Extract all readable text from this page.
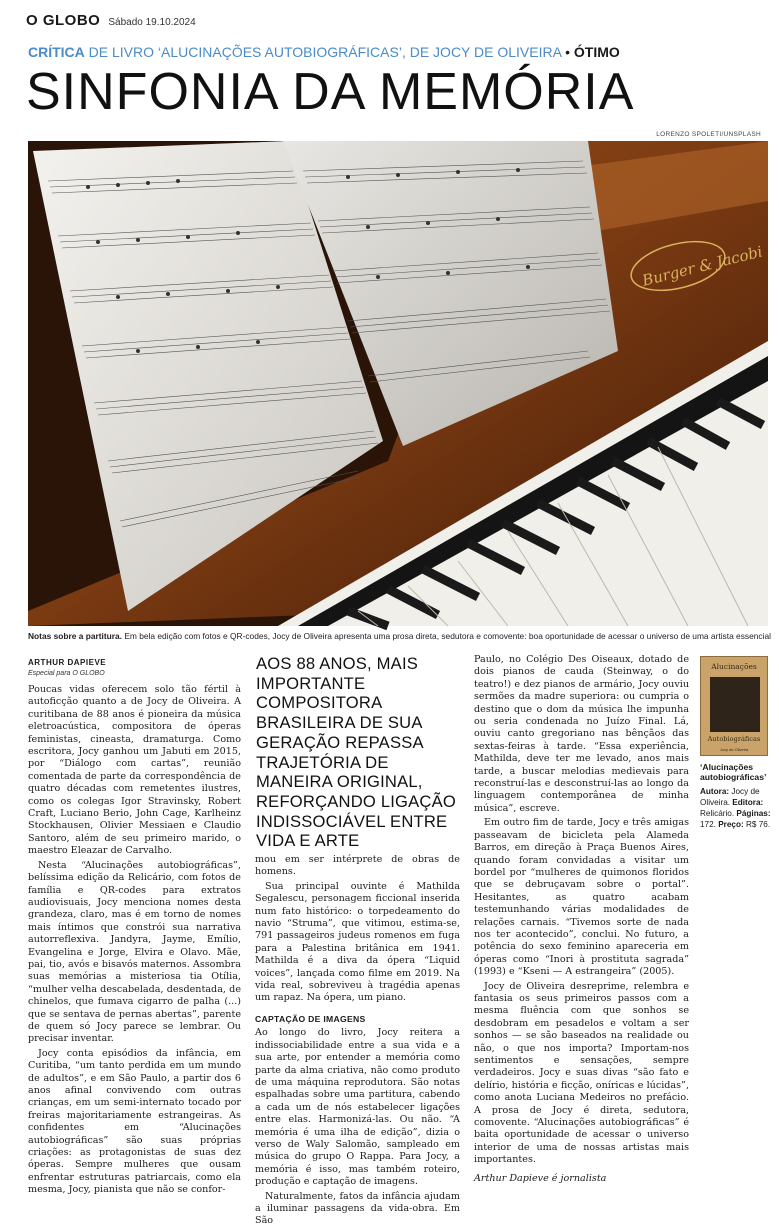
O GLOBO Sábado 19.10.2024
CRÍTICA DE LIVRO ‘ALUCINAÇÕES AUTOBIOGRÁFICAS’, DE JOCY DE OLIVEIRA • ÓTIMO
SINFONIA DA MEMÓRIA
LORENZO SPOLETI/UNSPLASH
Burger & Jacobi
Notas sobre a partitura. Em bela edição com fotos e QR-codes, Jocy de Oliveira apresenta uma prosa direta, sedutora e comovente: boa oportunidade de acessar o universo de uma artista essencial
ARTHUR DAPIEVE
Especial para O GLOBO

Poucas vidas oferecem solo tão fértil à autoficção quanto a de Jocy de Oliveira. A curitibana de 88 anos é pioneira da música eletroacústica, compositora de óperas feministas, cineasta, dramaturga. Como escritora, Jocy ganhou um Jabuti em 2015, por “Diálogo com cartas”, reunião comentada de parte da correspondência de quatro décadas com remetentes ilustres, como os colegas Igor Stravinsky, Robert Craft, Luciano Berio, John Cage, Karlheinz Stockhausen, Olivier Messiaen e Claudio Santoro, além de seu primeiro marido, o maestro Eleazar de Carvalho.

Nesta “Alucinações autobiográficas”, belíssima edição da Relicário, com fotos de família e QR-codes para extratos audiovisuais, Jocy menciona nomes desta grandeza, claro, mas é em torno de nomes mais íntimos que constrói sua narrativa autorreflexiva. Jandyra, Jayme, Emílio, Evangelina e Jorge, Elvira e Olavo. Mãe, pai, tio, avós e bisavós maternos. Assombra suas memórias a misteriosa tia Otília, “mulher velha descabelada, desdentada, de chinelos, que fumava cigarro de palha (...) que se sentava de pernas abertas”, parente de quem só Jocy parece se lembrar. Ou precisar inventar.

Jocy conta episódios da infância, em Curitiba, “um tanto perdida em um mundo de adultos”, e em São Paulo, a partir dos 6 anos afinal convivendo com outras crianças, em um semi-internato tocado por freiras majoritariamente estrangeiras. As confidentes em “Alucinações autobiográficas” são suas próprias criações: as protagonistas de suas dez óperas. Sempre mulheres que ousam enfrentar estruturas patriarcais, como ela mesma, Jocy, pianista que não se confor-

AOS 88 ANOS, MAIS IMPORTANTE COMPOSITORA BRASILEIRA DE SUA GERAÇÃO REPASSA TRAJETÓRIA DE MANEIRA ORIGINAL, REFORÇANDO LIGAÇÃO INDISSOCIÁVEL ENTRE VIDA E ARTE

mou em ser intérprete de obras de homens.

Sua principal ouvinte é Mathilda Segalescu, personagem ficcional inserida num fato histórico: o torpedeamento do navio “Struma”, que vitimou, estima-se, 791 passageiros judeus romenos em fuga para a Palestina britânica em 1941. Mathilda é a diva da ópera “Liquid voices”, lançada como filme em 2019. Na vida real, sobreviveu à tragédia apenas um rapaz. Na ópera, um piano.

CAPTAÇÃO DE IMAGENS

Ao longo do livro, Jocy reitera a indissociabilidade entre a sua vida e a sua arte, por entender a memória como parte da alma criativa, não como produto de uma máquina reprodutora. São notas espalhadas sobre uma partitura, cabendo a cada um de nós estabelecer ligações entre elas. Harmonizá-las. Ou não. “A memória é uma ilha de edição”, dizia o verso de Waly Salomão, sampleado em música do grupo O Rappa. Para Jocy, a memória é isso, mas também roteiro, produção e captação de imagens.

Naturalmente, fatos da infância ajudam a iluminar passagens da vida-obra. Em São

Paulo, no Colégio Des Oiseaux, dotado de dois pianos de cauda (Steinway, o do teatro!) e dez pianos de armário, Jocy ouviu sermões da madre superiora: ou cumpria o destino que o dom da música lhe impunha ou seria condenada no Juízo Final. Lá, ouviu canto gregoriano nas bênçãos das sextas-feiras à tarde. “Essa experiência, Mathilda, deve ter me levado, anos mais tarde, a buscar melodias medievais para reconstruí-las e desconstruí-las ao longo da linguagem contemporânea de minha música”, escreve.

Em outro fim de tarde, Jocy e três amigas passeavam de bicicleta pela Alameda Barros, em direção à Praça Buenos Aires, quando foram convidadas a visitar um bordel por “mulheres de quimonos floridos que se debruçavam sobre o portal”. Hesitantes, as quatro acabam testemunhando várias modalidades de relações carnais. “Tivemos sorte de nada nos ter acontecido”, conclui. No futuro, a potência do sexo feminino apareceria em óperas como “Inori à prostituta sagrada” (1993) e “Kseni — A estrangeira” (2005).

Jocy de Oliveira desreprime, relembra e fantasia os seus primeiros passos com a mesma fluência com que sonhos se desdobram em pesadelos e voltam a ser sonhos — se são baseados na realidade ou não, o que nos importa? Importam-nos sentimentos e sensações, sempre verdadeiros. Jocy e suas divas “são fato e delírio, história e ficção, oníricas e lúcidas”, como anota Luciana Medeiros no prefácio. A prosa de Jocy é direta, sedutora, comovente. “Alucinações autobiográficas” é baita oportunidade de acessar o universo interior de uma de nossas artistas mais importantes.

Arthur Dapieve é jornalista

Alucinações
Autobiográficas
Jocy de Oliveira
‘Alucinações autobiográficas’
Autora: Jocy de Oliveira. Editora: Relicário. Páginas: 172. Preço: R$ 76.
